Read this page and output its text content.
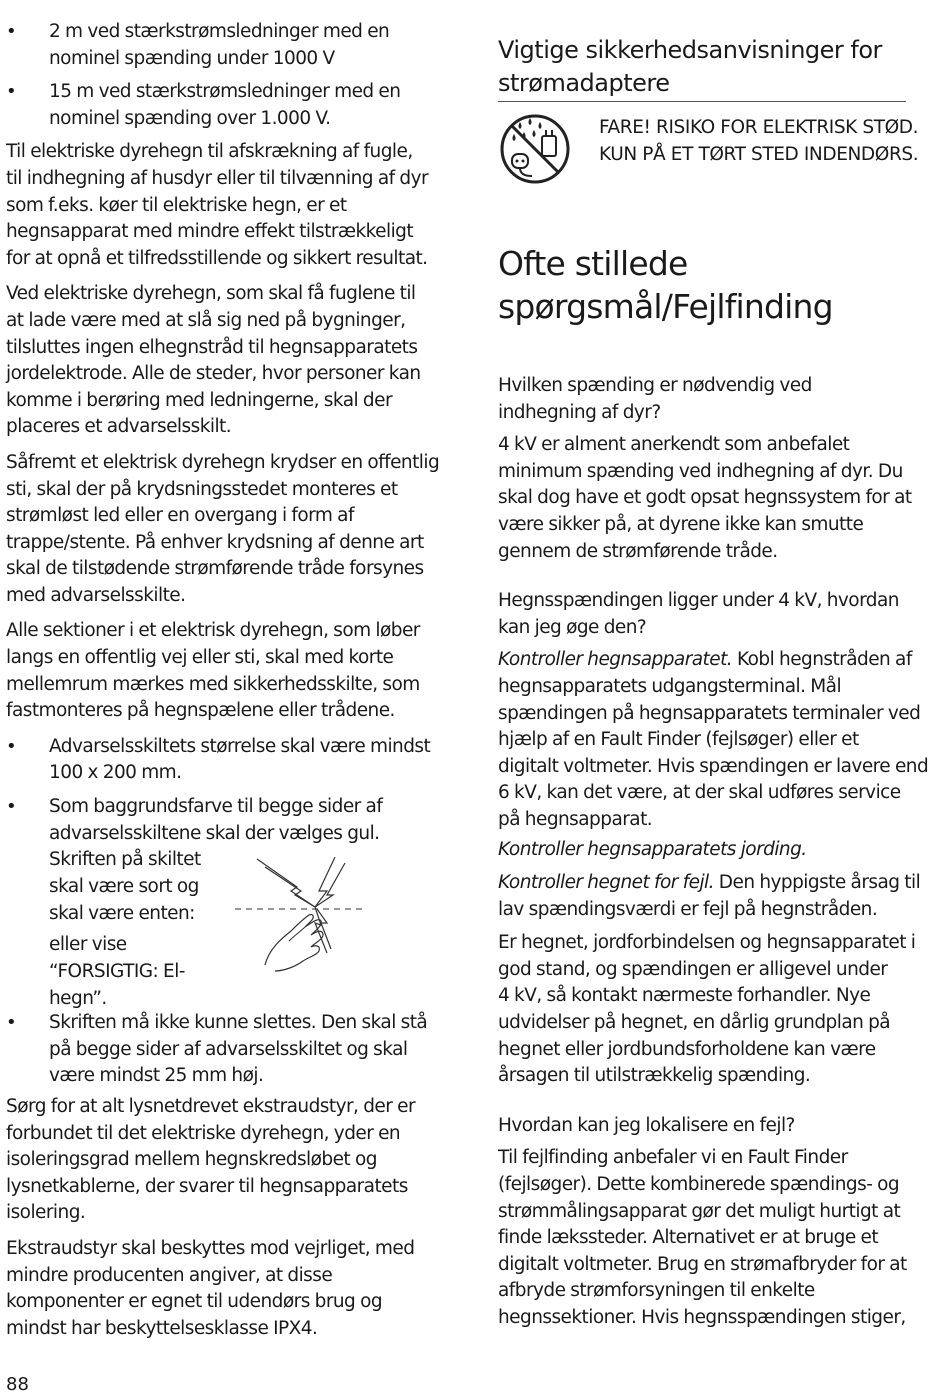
• 2 m ved stærkstrømsledninger med en
nominel spænding under 1000 V
• 15 m ved stærkstrømsledninger med en
nominel spænding over 1.000 V.
Til elektriske dyrehegn til afskrækning af fugle,
til indhegning af husdyr eller til tilvænning af dyr
som f.eks. køer til elektriske hegn, er et
hegnsapparat med mindre effekt tilstrækkeligt
for at opnå et tilfredsstillende og sikkert resultat.
Ved elektriske dyrehegn, som skal få fuglene til
at lade være med at slå sig ned på bygninger,
tilsluttes ingen elhegnstråd til hegnsapparatets
jordelektrode. Alle de steder, hvor personer kan
komme i berøring med ledningerne, skal der
placeres et advarselsskilt.
Såfremt et elektrisk dyrehegn krydser en offentlig
sti, skal der på krydsningsstedet monteres et
strømløst led eller en overgang i form af
trappe/stente. På enhver krydsning af denne art
skal de tilstødende strømførende tråde forsynes
med advarselsskilte.
Alle sektioner i et elektrisk dyrehegn, som løber
langs en offentlig vej eller sti, skal med korte
mellemrum mærkes med sikkerhedsskilte, som
fastmonteres på hegnspælene eller trådene.
• Advarselsskiltets størrelse skal være mindst
100 x 200 mm.
• Som baggrundsfarve til begge sider af
advarselsskiltene skal der vælges gul.
Skriften på skiltet
skal være sort og
skal være enten:
eller vise
“FORSIGTIG: El-
hegn”.
• Skriften må ikke kunne slettes. Den skal stå
på begge sider af advarselsskiltet og skal
være mindst 25 mm høj.
Sørg for at alt lysnetdrevet ekstraudstyr, der er
forbundet til det elektriske dyrehegn, yder en
isoleringsgrad mellem hegnskredsløbet og
lysnetkablerne, der svarer til hegnsapparatets
isolering.
Ekstraudstyr skal beskyttes mod vejrliget, med
mindre producenten angiver, at disse
komponenter er egnet til udendørs brug og
mindst har beskyttelsesklasse IPX4.
88
Vigtige sikkerhedsanvisninger for
strømadaptere
FARE! RISIKO FOR ELEKTRISK STØD.
KUN PÅ ET TØRT STED INDENDØRS.
Ofte stillede
spørgsmål/Fejlfinding
Hvilken spænding er nødvendig ved
indhegning af dyr?
4 kV er alment anerkendt som anbefalet
minimum spænding ved indhegning af dyr. Du
skal dog have et godt opsat hegnssystem for at
være sikker på, at dyrene ikke kan smutte
gennem de strømførende tråde.
Hegnsspændingen ligger under 4 kV, hvordan
kan jeg øge den?
Kontroller hegnsapparatet. Kobl hegnstråden af
hegnsapparatets udgangsterminal. Mål
spændingen på hegnsapparatets terminaler ved
hjælp af en Fault Finder (fejlsøger) eller et
digitalt voltmeter. Hvis spændingen er lavere end
6 kV, kan det være, at der skal udføres service
på hegnsapparat.
Kontroller hegnsapparatets jording.
Kontroller hegnet for fejl. Den hyppigste årsag til
lav spændingsværdi er fejl på hegnstråden.
Er hegnet, jordforbindelsen og hegnsapparatet i
god stand, og spændingen er alligevel under
4 kV, så kontakt nærmeste forhandler. Nye
udvidelser på hegnet, en dårlig grundplan på
hegnet eller jordbundsforholdene kan være
årsagen til utilstrækkelig spænding.
Hvordan kan jeg lokalisere en fejl?
Til fejlfinding anbefaler vi en Fault Finder
(fejlsøger). Dette kombinerede spændings- og
strømmålingsapparat gør det muligt hurtigt at
finde lækssteder. Alternativet er at bruge et
digitalt voltmeter. Brug en strømafbryder for at
afbryde strømforsyningen til enkelte
hegnssektioner. Hvis hegnsspændingen stiger,
